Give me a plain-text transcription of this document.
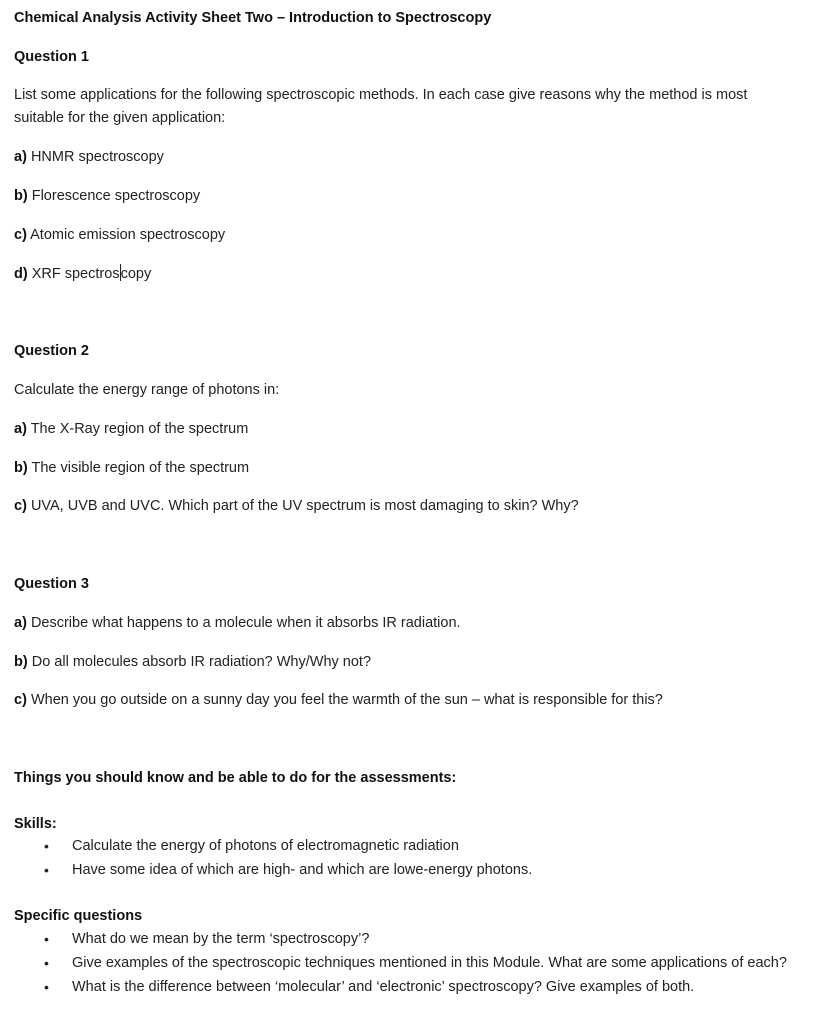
Chemical Analysis Activity Sheet Two – Introduction to Spectroscopy
Question 1
List some applications for the following spectroscopic methods. In each case give reasons why the method is most suitable for the given application:
a) HNMR spectroscopy
b) Florescence spectroscopy
c) Atomic emission spectroscopy
d) XRF spectroscopy
Question 2
Calculate the energy range of photons in:
a) The X-Ray region of the spectrum
b) The visible region of the spectrum
c) UVA, UVB and UVC. Which part of the UV spectrum is most damaging to skin? Why?
Question 3
a) Describe what happens to a molecule when it absorbs IR radiation.
b) Do all molecules absorb IR radiation? Why/Why not?
c) When you go outside on a sunny day you feel the warmth of the sun – what is responsible for this?
Things you should know and be able to do for the assessments:
Skills:
• Calculate the energy of photons of electromagnetic radiation
• Have some idea of which are high- and which are lowe-energy photons.
Specific questions
• What do we mean by the term ‘spectroscopy’?
• Give examples of the spectroscopic techniques mentioned in this Module. What are some applications of each?
• What is the difference between ‘molecular’ and ‘electronic’ spectroscopy? Give examples of both.
